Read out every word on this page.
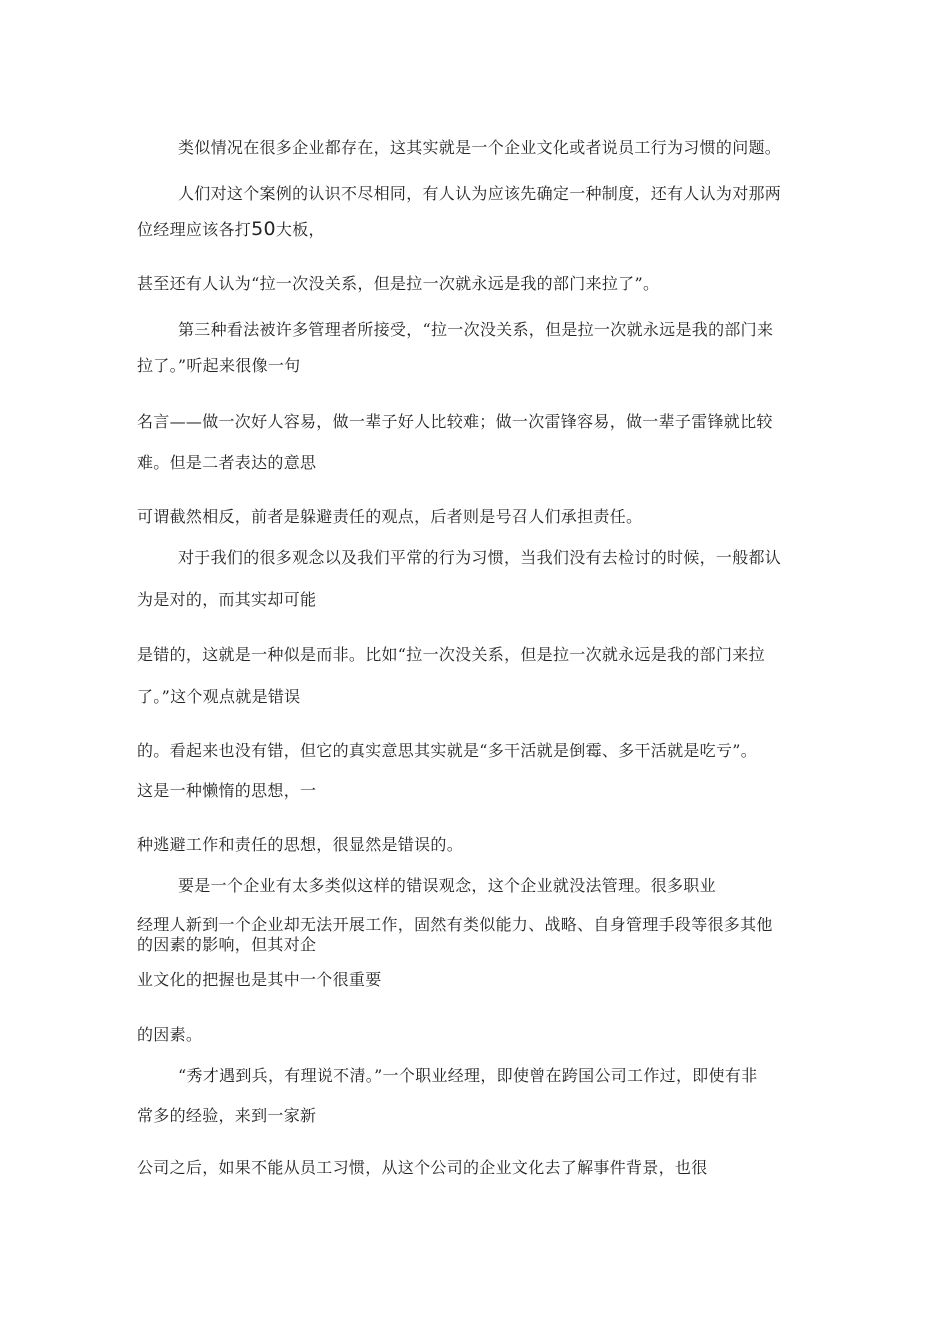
类似情况在很多企业都存在，这其实就是一个企业文化或者说员工行为习惯的问题。
人们对这个案例的认识不尽相同，有人认为应该先确定一种制度，还有人认为对那两
位经理应该各打50大板，
甚至还有人认为“拉一次没关系，但是拉一次就永远是我的部门来拉了”。
第三种看法被许多管理者所接受，“拉一次没关系，但是拉一次就永远是我的部门来
拉了。”听起来很像一句
名言——做一次好人容易，做一辈子好人比较难；做一次雷锋容易，做一辈子雷锋就比较
难。但是二者表达的意思
可谓截然相反，前者是躲避责任的观点，后者则是号召人们承担责任。
对于我们的很多观念以及我们平常的行为习惯，当我们没有去检讨的时候，一般都认
为是对的，而其实却可能
是错的，这就是一种似是而非。比如“拉一次没关系，但是拉一次就永远是我的部门来拉
了。”这个观点就是错误
的。看起来也没有错，但它的真实意思其实就是“多干活就是倒霉、多干活就是吃亏”。
这是一种懒惰的思想，一
种逃避工作和责任的思想，很显然是错误的。
要是一个企业有太多类似这样的错误观念，这个企业就没法管理。很多职业
经理人新到一个企业却无法开展工作，固然有类似能力、战略、自身管理手段等很多其他
的因素的影响，但其对企
业文化的把握也是其中一个很重要
的因素。
“秀才遇到兵，有理说不清。”一个职业经理，即使曾在跨国公司工作过，即使有非
常多的经验，来到一家新
公司之后，如果不能从员工习惯，从这个公司的企业文化去了解事件背景，也很
